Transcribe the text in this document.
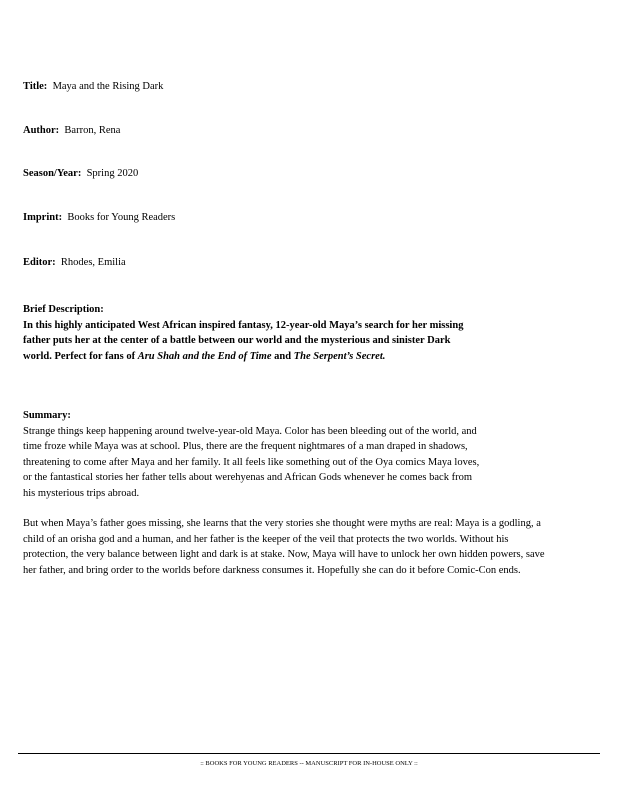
Title: Maya and the Rising Dark
Author: Barron, Rena
Season/Year: Spring 2020
Imprint: Books for Young Readers
Editor: Rhodes, Emilia
Brief Description:
In this highly anticipated West African inspired fantasy, 12-year-old Maya’s search for her missing
father puts her at the center of a battle between our world and the mysterious and sinister Dark
world. Perfect for fans of Aru Shah and the End of Time and The Serpent’s Secret.
Summary:
Strange things keep happening around twelve-year-old Maya. Color has been bleeding out of the world, and
time froze while Maya was at school. Plus, there are the frequent nightmares of a man draped in shadows,
threatening to come after Maya and her family. It all feels like something out of the Oya comics Maya loves,
or the fantastical stories her father tells about werehyenas and African Gods whenever he comes back from
his mysterious trips abroad.
But when Maya’s father goes missing, she learns that the very stories she thought were myths are real: Maya is a godling, a
child of an orisha god and a human, and her father is the keeper of the veil that protects the two worlds. Without his
protection, the very balance between light and dark is at stake. Now, Maya will have to unlock her own hidden powers, save
her father, and bring order to the worlds before darkness consumes it. Hopefully she can do it before Comic-Con ends.
:: BOOKS FOR YOUNG READERS -- MANUSCRIPT FOR IN-HOUSE ONLY ::
